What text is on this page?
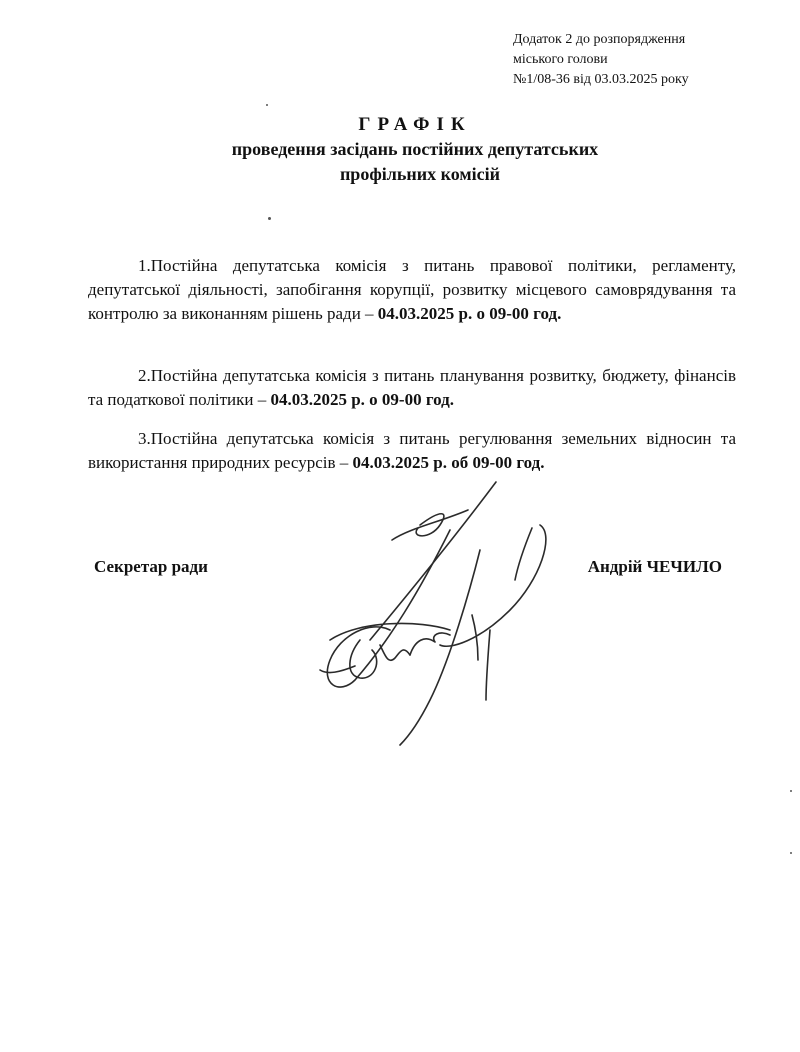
Додаток 2 до розпорядження
міського голови
№1/08-36 від 03.03.2025 року
ГРАФІК
проведення засідань постійних депутатських
профільних комісій
1.Постійна депутатська комісія з питань правової політики, регламенту, депутатської діяльності, запобігання корупції, розвитку місцевого самоврядування та контролю за виконанням рішень ради – 04.03.2025 р. о 09-00 год.
2.Постійна депутатська комісія з питань планування розвитку, бюджету, фінансів та податкової політики – 04.03.2025 р. о 09-00 год.
3.Постійна депутатська комісія з питань регулювання земельних відносин та використання природних ресурсів – 04.03.2025 р. об 09-00 год.
Секретар ради	Андрій ЧЕЧИЛО
